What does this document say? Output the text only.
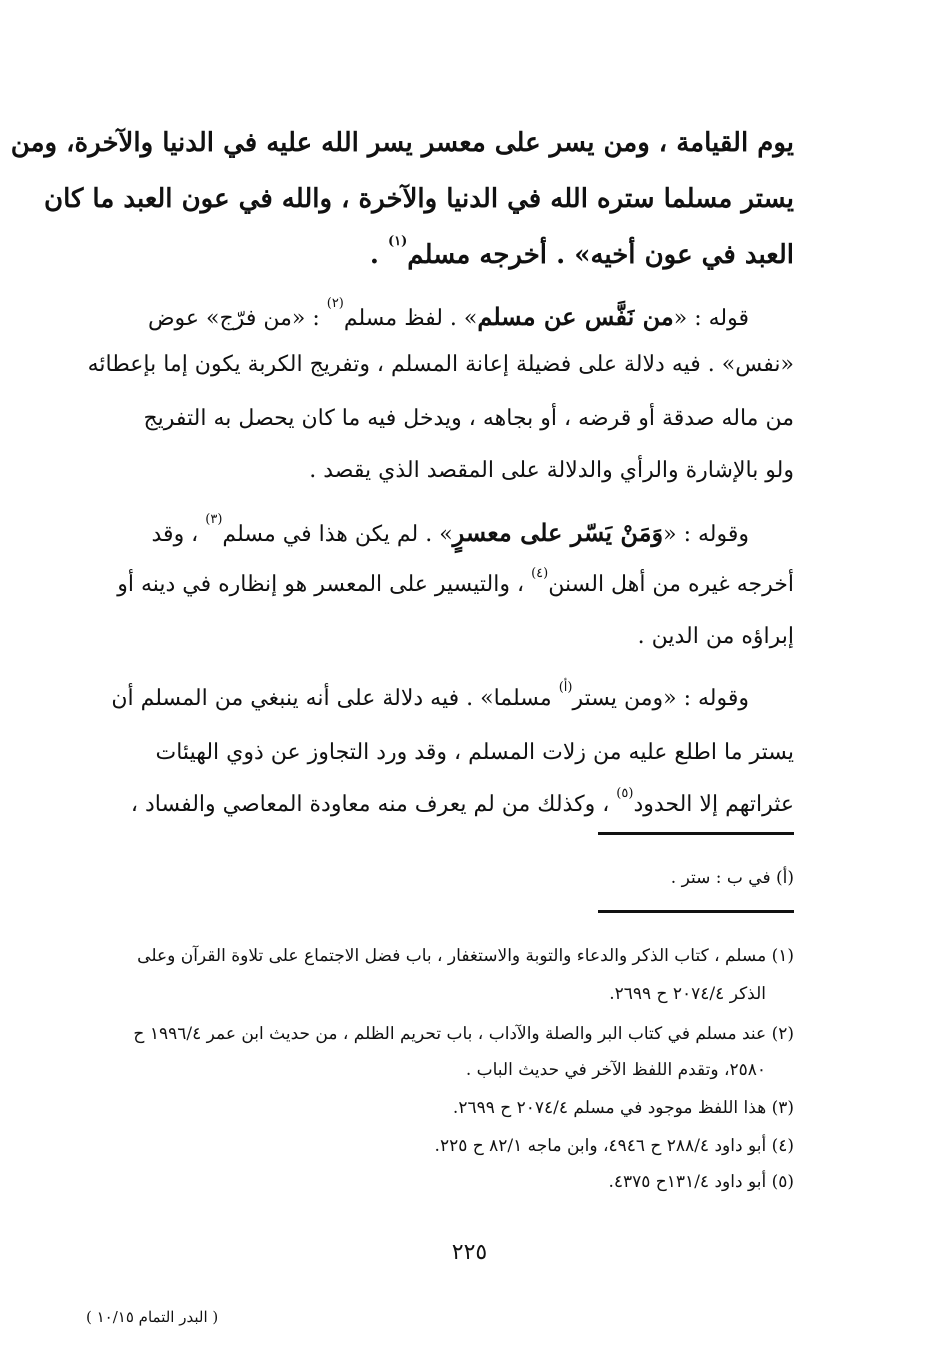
يوم القيامة ، ومن يسر على معسر يسر الله عليه في الدنيا والآخرة، ومن
يستر مسلما ستره الله في الدنيا والآخرة ، والله في عون العبد ما كان
العبد في عون أخيه» . أخرجه مسلم$^{(١)}$ .
قوله : «من نَفَّس عن مسلم» . لفظ مسلم$^{(٢)}$ : «من فرّج» عوض
«نفس» . فيه دلالة على فضيلة إعانة المسلم ، وتفريج الكربة يكون إما بإعطائه
من ماله صدقة أو قرضه ، أو بجاهه ، ويدخل فيه ما كان يحصل به التفريج
ولو بالإشارة والرأي والدلالة على المقصد الذي يقصد .
وقوله : «وَمَنْ يَسّر على معسرٍ» . لم يكن هذا في مسلم$^{(٣)}$ ، وقد
أخرجه غيره من أهل السنن$^{(٤)}$ ، والتيسير على المعسر هو إنظاره في دينه أو
إبراؤه من الدين .
وقوله : «ومن يستر$^{(أ)}$ مسلما» . فيه دلالة على أنه ينبغي من المسلم أن
يستر ما اطلع عليه من زلات المسلم ، وقد ورد التجاوز عن ذوي الهيئات
عثراتهم إلا الحدود$^{(٥)}$ ، وكذلك من لم يعرف منه معاودة المعاصي والفساد ،
(أ) في ب : ستر .
(١) مسلم ، كتاب الذكر والدعاء والتوبة والاستغفار ، باب فضل الاجتماع على تلاوة القرآن وعلى
الذكر ٢٠٧٤/٤ ح ٢٦٩٩.
(٢) عند مسلم في كتاب البر والصلة والآداب ، باب تحريم الظلم ، من حديث ابن عمر ١٩٩٦/٤ ح
٢٥٨٠، وتقدم اللفظ الآخر في حديث الباب .
(٣) هذا اللفظ موجود في مسلم ٢٠٧٤/٤ ح ٢٦٩٩.
(٤) أبو داود ٢٨٨/٤ ح ٤٩٤٦، وابن ماجه ٨٢/١ ح ٢٢٥.
(٥) أبو داود ١٣١/٤ح ٤٣٧٥.
٢٢٥
( البدر التمام ١٠/١٥ )
